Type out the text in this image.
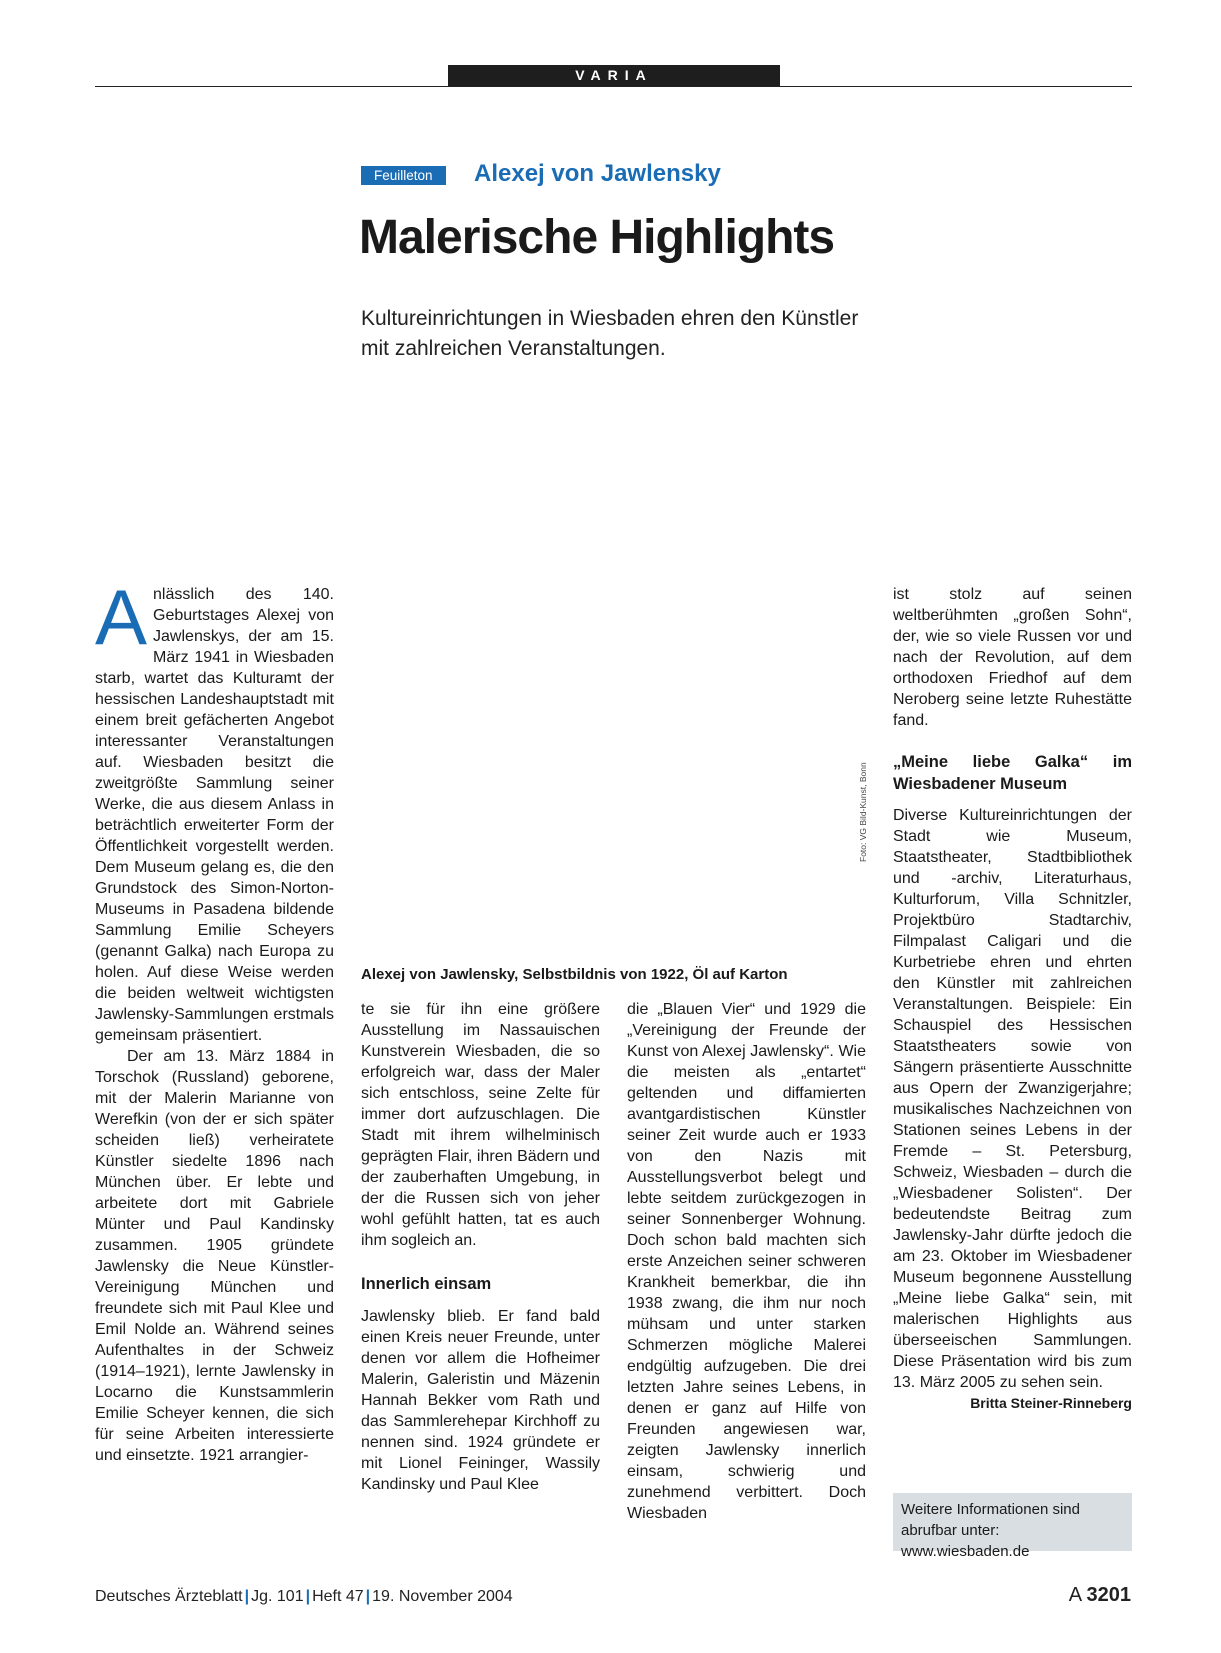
VARIA
Feuilleton	Alexej von Jawlensky
Malerische Highlights
Kultureinrichtungen in Wiesbaden ehren den Künstler mit zahlreichen Veranstaltungen.
A nlässlich des 140. Geburtstages Alexej von Jawlenskys, der am 15. März 1941 in Wiesbaden starb, wartet das Kulturamt der hessischen Landeshauptstadt mit einem breit gefächerten Angebot interessanter Veranstaltungen auf. Wiesbaden besitzt die zweitgrößte Sammlung seiner Werke, die aus diesem Anlass in beträchtlich erweiterter Form der Öffentlichkeit vorgestellt werden. Dem Museum gelang es, die den Grundstock des Simon-Norton-Museums in Pasadena bildende Sammlung Emilie Scheyers (genannt Galka) nach Europa zu holen. Auf diese Weise werden die beiden weltweit wichtigsten Jawlensky-Sammlungen erstmals gemeinsam präsentiert.

Der am 13. März 1884 in Torschok (Russland) geborene, mit der Malerin Marianne von Werefkin (von der er sich später scheiden ließ) verheiratete Künstler siedelte 1896 nach München über. Er lebte und arbeitete dort mit Gabriele Münter und Paul Kandinsky zusammen. 1905 gründete Jawlensky die Neue Künstler-Vereinigung München und freundete sich mit Paul Klee und Emil Nolde an. Während seines Aufenthaltes in der Schweiz (1914–1921), lernte Jawlensky in Locarno die Kunstsammlerin Emilie Scheyer kennen, die sich für seine Arbeiten interessierte und einsetzte. 1921 arrangier-

Foto: VG Bild-Kunst, Bonn
Alexej von Jawlensky, Selbstbildnis von 1922, Öl auf Karton

te sie für ihn eine größere Ausstellung im Nassauischen Kunstverein Wiesbaden, die so erfolgreich war, dass der Maler sich entschloss, seine Zelte für immer dort aufzuschlagen. Die Stadt mit ihrem wilhelminisch geprägten Flair, ihren Bädern und der zauberhaften Umgebung, in der die Russen sich von jeher wohl gefühlt hatten, tat es auch ihm sogleich an.

Innerlich einsam

Jawlensky blieb. Er fand bald einen Kreis neuer Freunde, unter denen vor allem die Hofheimer Malerin, Galeristin und Mäzenin Hannah Bekker vom Rath und das Sammlerehepar Kirchhoff zu nennen sind. 1924 gründete er mit Lionel Feininger, Wassily Kandinsky und Paul Klee

die „Blauen Vier“ und 1929 die „Vereinigung der Freunde der Kunst von Alexej Jawlensky“. Wie die meisten als „entartet“ geltenden und diffamierten avantgardistischen Künstler seiner Zeit wurde auch er 1933 von den Nazis mit Ausstellungsverbot belegt und lebte seitdem zurückgezogen in seiner Sonnenberger Wohnung. Doch schon bald machten sich erste Anzeichen seiner schweren Krankheit bemerkbar, die ihn 1938 zwang, die ihm nur noch mühsam und unter starken Schmerzen mögliche Malerei endgültig aufzugeben. Die drei letzten Jahre seines Lebens, in denen er ganz auf Hilfe von Freunden angewiesen war, zeigten Jawlensky innerlich einsam, schwierig und zunehmend verbittert. Doch Wiesbaden

ist stolz auf seinen weltberühmten „großen Sohn“, der, wie so viele Russen vor und nach der Revolution, auf dem orthodoxen Friedhof auf dem Neroberg seine letzte Ruhestätte fand.

„Meine liebe Galka“ im Wiesbadener Museum

Diverse Kultureinrichtungen der Stadt wie Museum, Staatstheater, Stadtbibliothek und -archiv, Literaturhaus, Kulturforum, Villa Schnitzler, Projektbüro Stadtarchiv, Filmpalast Caligari und die Kurbetriebe ehren und ehrten den Künstler mit zahlreichen Veranstaltungen. Beispiele: Ein Schauspiel des Hessischen Staatstheaters sowie von Sängern präsentierte Ausschnitte aus Opern der Zwanzigerjahre; musikalisches Nachzeichnen von Stationen seines Lebens in der Fremde – St. Petersburg, Schweiz, Wiesbaden – durch die „Wiesbadener Solisten“. Der bedeutendste Beitrag zum Jawlensky-Jahr dürfte jedoch die am 23. Oktober im Wiesbadener Museum begonnene Ausstellung „Meine liebe Galka“ sein, mit malerischen Highlights aus überseeischen Sammlungen. Diese Präsentation wird bis zum 13. März 2005 zu sehen sein.
Britta Steiner-Rinneberg

Weitere Informationen sind abrufbar unter: www.wiesbaden.de
Deutsches Ärzteblatt | Jg. 101 | Heft 47 | 19. November 2004	A 3201
